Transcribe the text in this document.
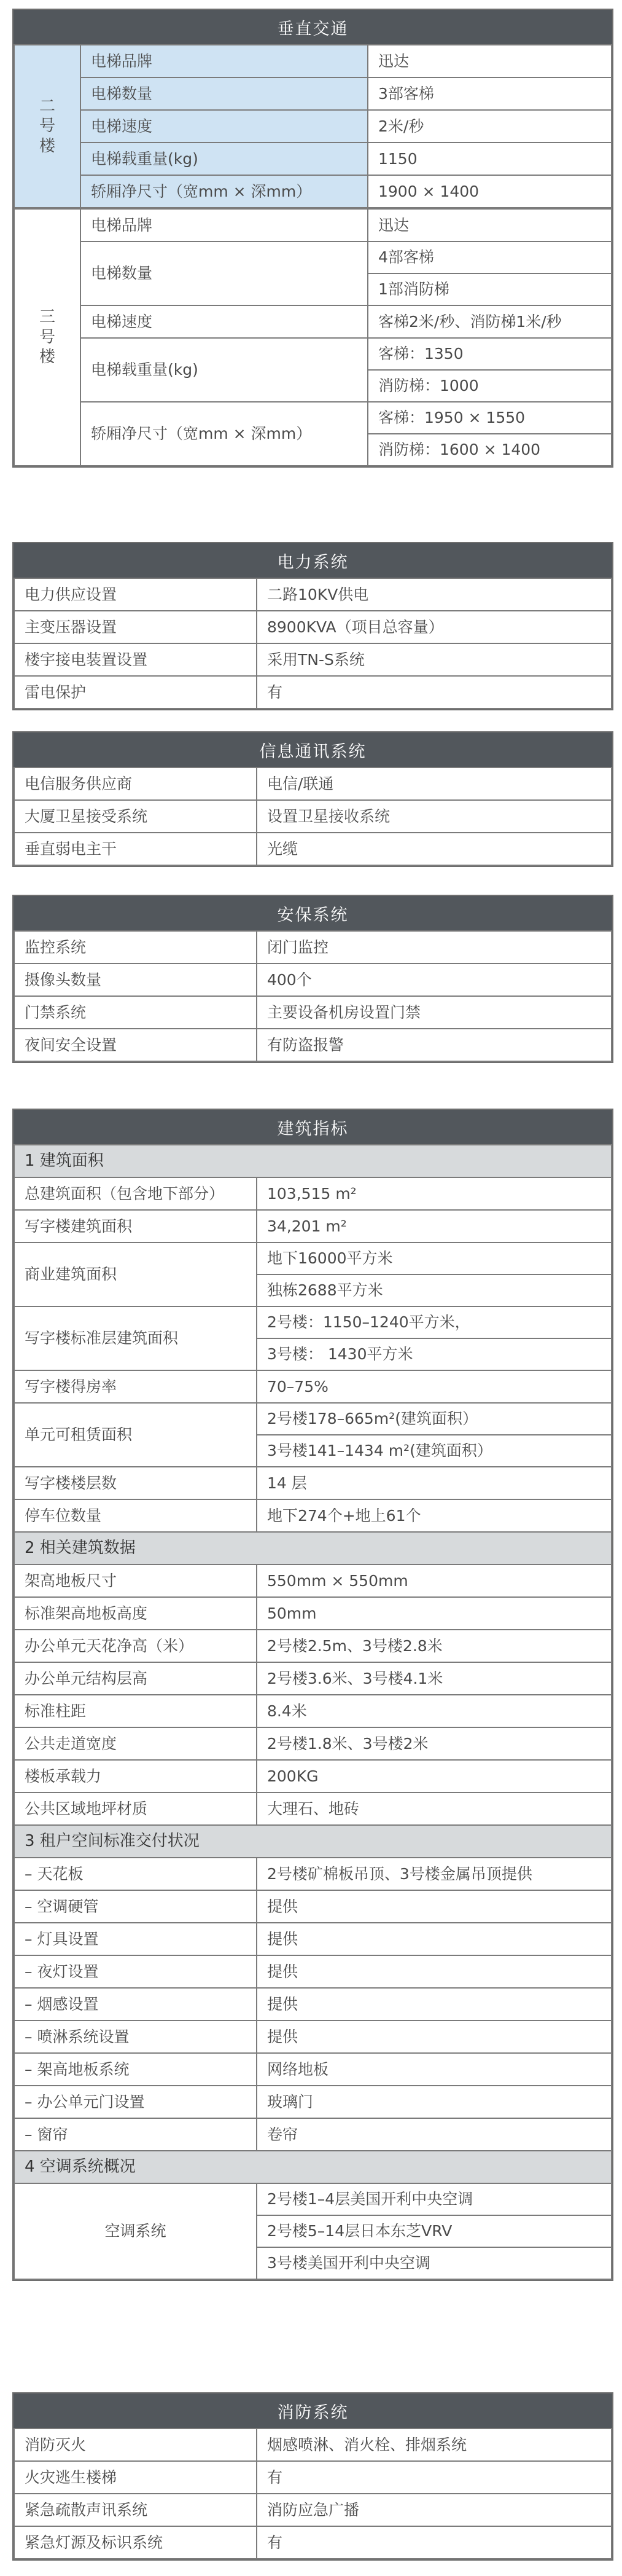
垂直交通
二号楼	电梯品牌	迅达
	电梯数量	3部客梯
	电梯速度	2米/秒
	电梯载重量(kg)	1150
	轿厢净尺寸（宽mm × 深mm）	1900 × 1400
三号楼	电梯品牌		迅达

电梯数量	
4部客梯
1部消防梯

电梯速度		客梯2米/秒、消防梯1米/秒

电梯载重量(kg)	
客梯：1350
消防梯：1000

轿厢净尺寸（宽mm × 深mm）	
客梯：1950 × 1550
消防梯：1600 × 1400
电力系统
电力供应设置	二路10KV供电
主变压器设置	8900KVA（项目总容量）
楼宇接电装置设置	采用TN-S系统
雷电保护	有
信息通讯系统
电信服务供应商	电信/联通
大厦卫星接受系统	设置卫星接收系统
垂直弱电主干	光缆
安保系统
监控系统	闭门监控
摄像头数量	400个
门禁系统	主要设备机房设置门禁
夜间安全设置	有防盗报警
建筑指标
1 建筑面积
总建筑面积（包含地下部分）	103,515 m²
写字楼建筑面积	34,201 m²
商业建筑面积	
地下16000平方米
独栋2688平方米

写字楼标准层建筑面积	
2号楼：1150–1240平方米，
3号楼： 1430平方米

写字楼得房率	70–75%
单元可租赁面积	
2号楼178–665m²(建筑面积）
3号楼141–1434 m²(建筑面积）

写字楼楼层数	14 层
停车位数量	地下274个+地上61个
2 相关建筑数据
架高地板尺寸	550mm × 550mm
标准架高地板高度	50mm
办公单元天花净高（米）	2号楼2.5m、3号楼2.8米
办公单元结构层高	2号楼3.6米、3号楼4.1米
标准柱距	8.4米
公共走道宽度	2号楼1.8米、3号楼2米
楼板承载力	200KG
公共区域地坪材质	大理石、地砖
3 租户空间标准交付状况
– 天花板	2号楼矿棉板吊顶、3号楼金属吊顶提供
– 空调硬管	提供
– 灯具设置	提供
– 夜灯设置	提供
– 烟感设置	提供
– 喷淋系统设置	提供
– 架高地板系统	网络地板
– 办公单元门设置	玻璃门
– 窗帘	卷帘
4 空调系统概况
空调系统	
2号楼1–4层美国开利中央空调
2号楼5–14层日本东芝VRV
3号楼美国开利中央空调
消防系统
消防灭火	烟感喷淋、消火栓、排烟系统
火灾逃生楼梯	有
紧急疏散声讯系统	消防应急广播
紧急灯源及标识系统	有
